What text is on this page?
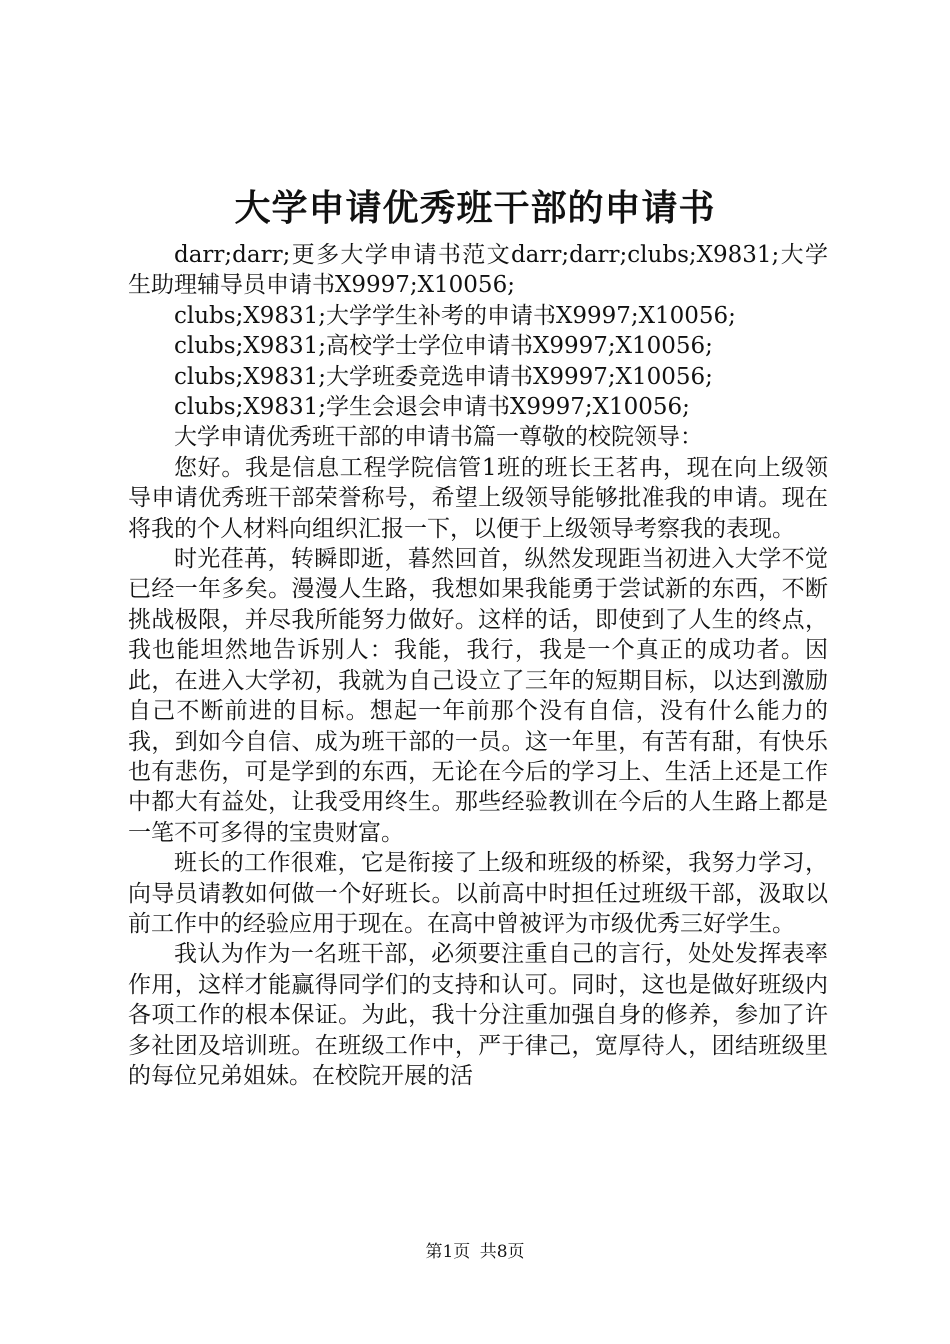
大学申请优秀班干部的申请书

darr;darr;更多大学申请书范文darr;darr;clubs;X9831;大学生助理辅导员申请书X9997;X10056;

clubs;X9831;大学学生补考的申请书X9997;X10056;

clubs;X9831;高校学士学位申请书X9997;X10056;

clubs;X9831;大学班委竞选申请书X9997;X10056;

clubs;X9831;学生会退会申请书X9997;X10056;

大学申请优秀班干部的申请书篇一尊敬的校院领导：

您好。我是信息工程学院信管1班的班长王茗冉，现在向上级领导申请优秀班干部荣誉称号，希望上级领导能够批准我的申请。现在将我的个人材料向组织汇报一下，以便于上级领导考察我的表现。

时光荏苒，转瞬即逝，暮然回首，纵然发现距当初进入大学不觉已经一年多矣。漫漫人生路，我想如果我能勇于尝试新的东西，不断挑战极限，并尽我所能努力做好。这样的话，即使到了人生的终点，我也能坦然地告诉别人：我能，我行，我是一个真正的成功者。因此，在进入大学初，我就为自己设立了三年的短期目标，以达到激励自己不断前进的目标。想起一年前那个没有自信，没有什么能力的我，到如今自信、成为班干部的一员。这一年里，有苦有甜，有快乐也有悲伤，可是学到的东西，无论在今后的学习上、生活上还是工作中都大有益处，让我受用终生。那些经验教训在今后的人生路上都是一笔不可多得的宝贵财富。

班长的工作很难，它是衔接了上级和班级的桥梁，我努力学习，向导员请教如何做一个好班长。以前高中时担任过班级干部，汲取以前工作中的经验应用于现在。在高中曾被评为市级优秀三好学生。

我认为作为一名班干部，必须要注重自己的言行，处处发挥表率作用，这样才能赢得同学们的支持和认可。同时，这也是做好班级内各项工作的根本保证。为此，我十分注重加强自身的修养，参加了许多社团及培训班。在班级工作中，严于律己，宽厚待人，团结班级里的每位兄弟姐妹。在校院开展的活

第1页 共8页
